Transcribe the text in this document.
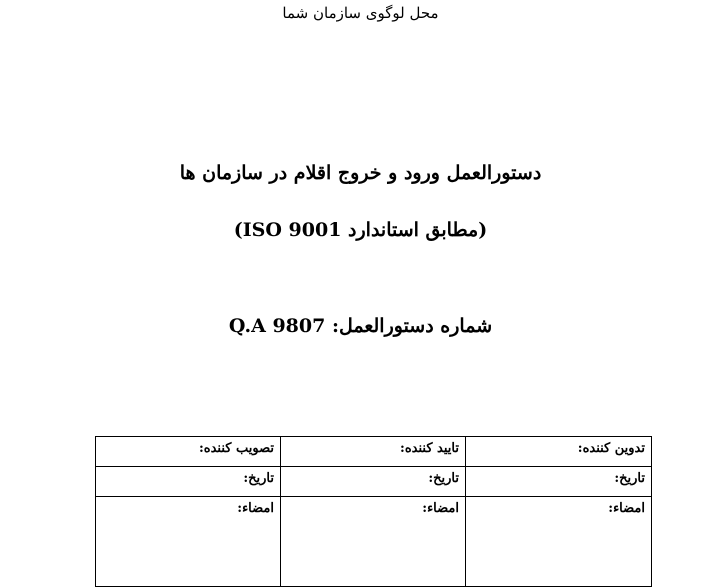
محل لوگوی سازمان شما
دستورالعمل ورود و خروج اقلام در سازمان ها
(مطابق استاندارد ISO 9001)
شماره دستورالعمل: Q.A 9807
تدوین کننده:	تایید کننده:	تصویب کننده:
تاریخ:	تاریخ:	تاریخ:
امضاء:	امضاء:	امضاء:
